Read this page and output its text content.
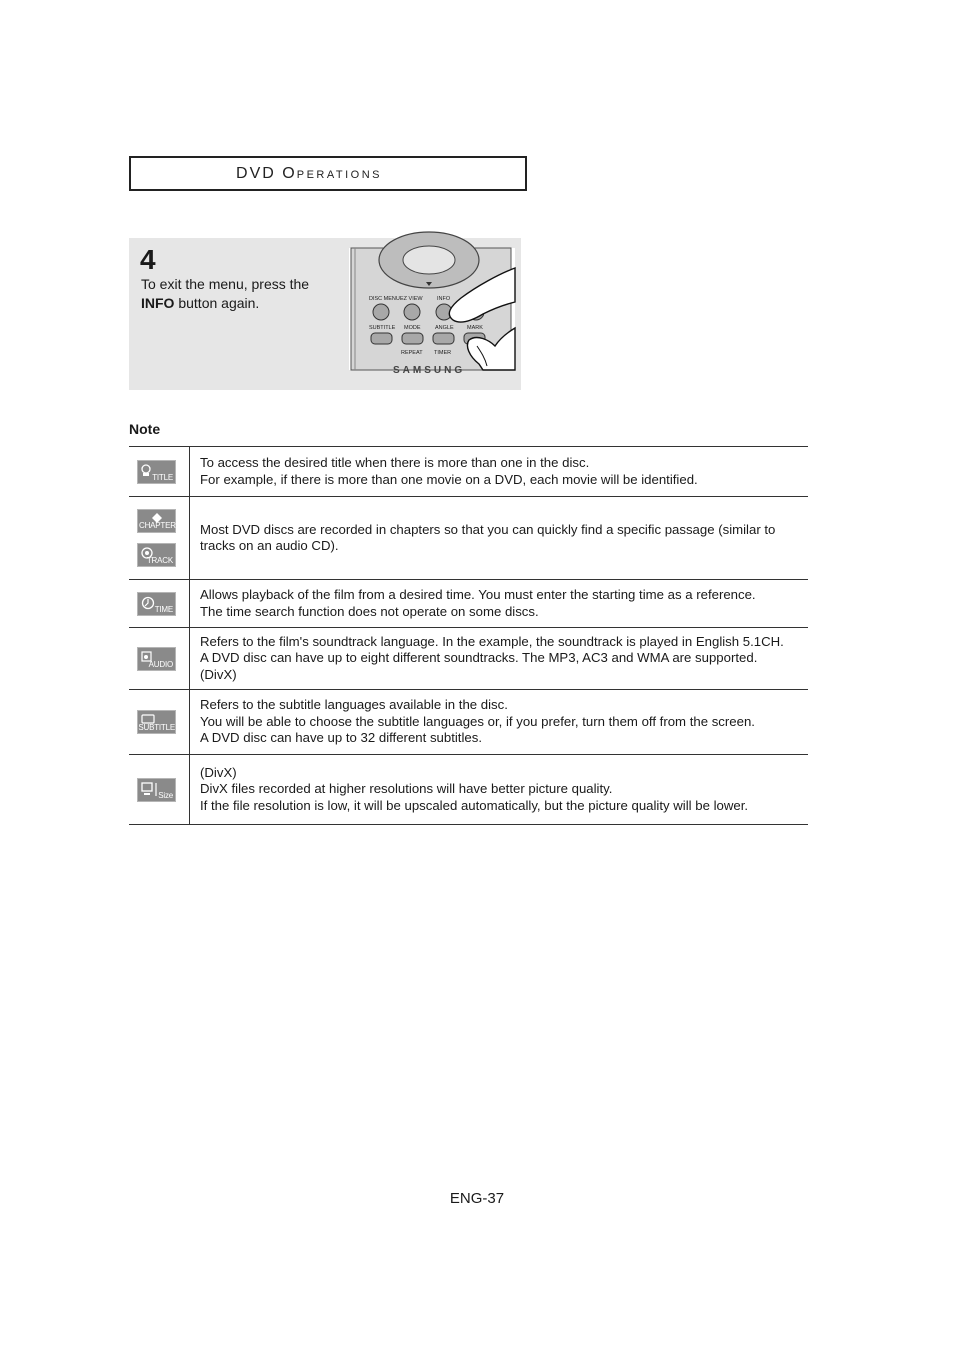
DVD OPERATIONS
4
To exit the menu, press the
INFO button again.	DISC MENU EZ VIEW	INFO
SUBTITLE MODE	ANGLE MARK
REPEAT TIMER
SAMSUNG
Note
TITLE	To access the desired title when there is more than one in the disc.
For example, if there is more than one movie on a DVD, each movie will be identified.

CHAPTER
TRACK	Most DVD discs are recorded in chapters so that you can quickly find a specific passage (similar to
tracks on an audio CD).

TIME	Allows playback of the film from a desired time. You must enter the starting time as a reference.
The time search function does not operate on some discs.

AUDIO	Refers to the film's soundtrack language. In the example, the soundtrack is played in English 5.1CH.
A DVD disc can have up to eight different soundtracks. The MP3, AC3 and WMA are supported.
(DivX)

SUBTITLE	Refers to the subtitle languages available in the disc.
You will be able to choose the subtitle languages or, if you prefer, turn them off from the screen.
A DVD disc can have up to 32 different subtitles.

Size	(DivX)
DivX files recorded at higher resolutions will have better picture quality.
If the file resolution is low, it will be upscaled automatically, but the picture quality will be lower.
ENG-37
